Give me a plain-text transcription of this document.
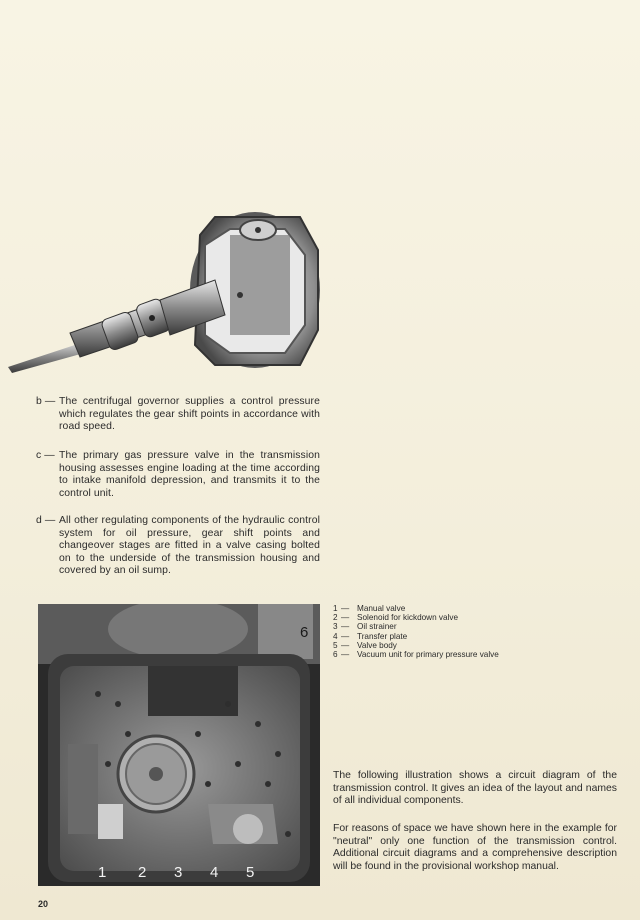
b — The centrifugal governor supplies a control pressure which regulates the gear shift points in accordance with road speed.
c — The primary gas pressure valve in the transmission housing assesses engine loading at the time according to intake manifold depression, and transmits it to the control unit.
d — All other regulating components of the hydraulic control system for oil pressure, gear shift points and changeover stages are fitted in a valve casing bolted on to the underside of the transmission housing and covered by an oil sump.
1 2 3 4 5
6
1 — Manual valve
2 — Solenoid for kickdown valve
3 — Oil strainer
4 — Transfer plate
5 — Valve body
6 — Vacuum unit for primary pressure valve
The following illustration shows a circuit diagram of the transmission control. It gives an idea of the layout and names of all individual components.
For reasons of space we have shown here in the example for "neutral" only one function of the transmission control. Additional circuit diagrams and a comprehensive description will be found in the provisional workshop manual.
20
